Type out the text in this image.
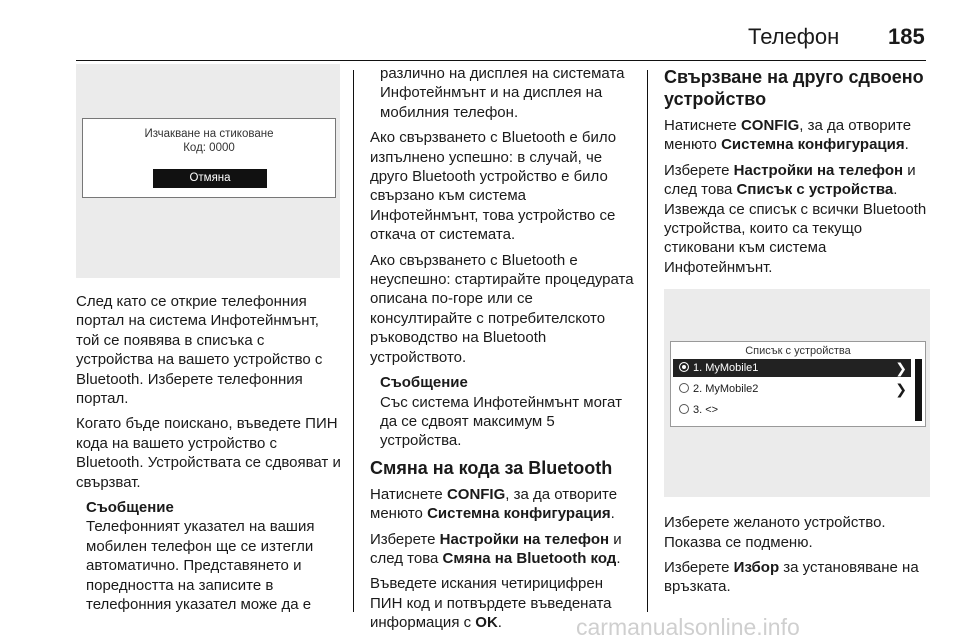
Телефон 185
Изчакване на стиковане
Код: 0000
Отмяна

След като се открие телефонния портал на система Инфотейнмънт, той се появява в списъка с устройства на вашето устройство с Bluetooth. Изберете телефонния портал.

Когато бъде поискано, въведете ПИН кода на вашето устройство с Bluetooth. Устройствата се сдвояват и свързват.

Съобщение
Телефонният указател на вашия мобилен телефон ще се изтегли автоматично. Представянето и поредността на записите в телефонния указател може да е
различно на дисплея на системата Инфотейнмънт и на дисплея на мобилния телефон.

Ако свързването с Bluetooth е било изпълнено успешно: в случай, че друго Bluetooth устройство е било свързано към система Инфотейнмънт, това устройство се откача от системата.

Ако свързването с Bluetooth е неуспешно: стартирайте процедурата описана по-горе или се консултирайте с потребителското ръководство на Bluetooth устройството.

Съобщение
Със система Инфотейнмънт могат да се сдвоят максимум 5 устройства.
Смяна на кода за Bluetooth

Натиснете CONFIG, за да отворите менюто Системна конфигурация.

Изберете Настройки на телефон и след това Смяна на Bluetooth код.

Въведете искания четирицифрен ПИН код и потвърдете въведената информация с OK.

Свързване на друго сдвоено устройство

Натиснете CONFIG, за да отворите менюто Системна конфигурация.

Изберете Настройки на телефон и след това Списък с устройства. Извежда се списък с всички Bluetooth устройства, които са текущо стиковани към система Инфотейнмънт.

Списък с устройства
1. MyMobile1	❯
2. MyMobile2	❯
3. <>

Изберете желаното устройство. Показва се подменю.

Изберете Избор за установяване на връзката.

carmanualsonline.info
